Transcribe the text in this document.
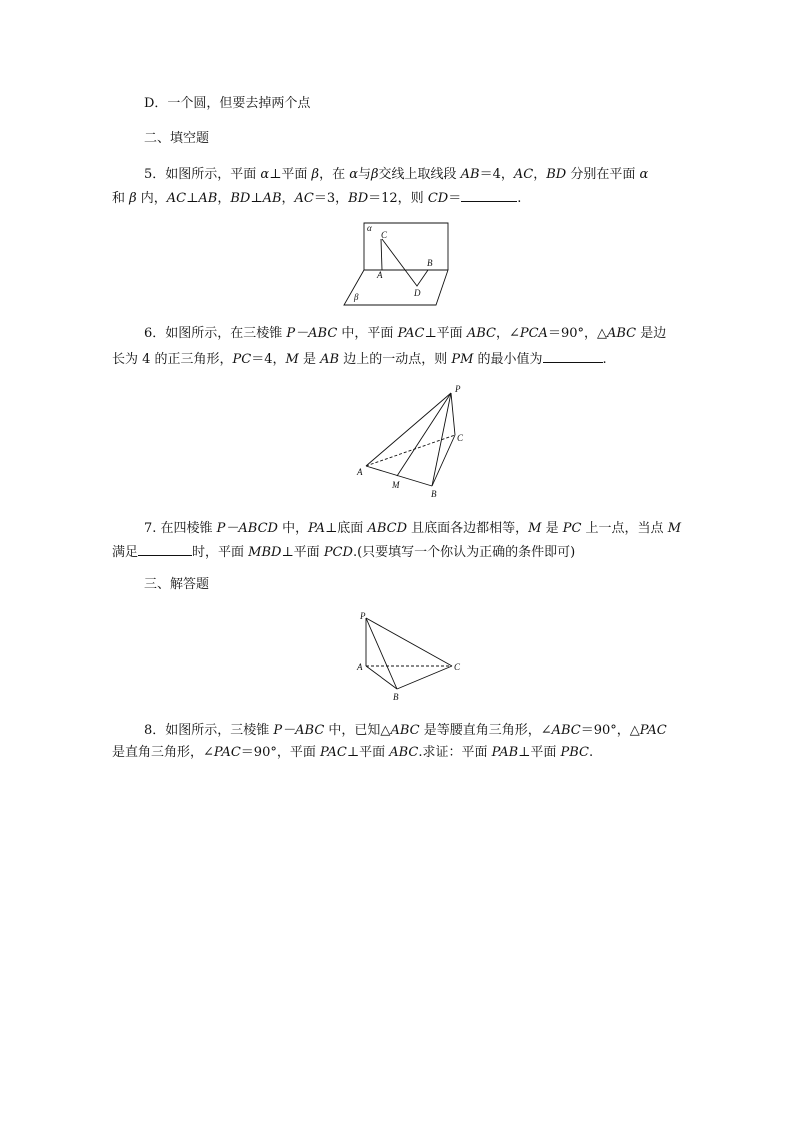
D．一个圆，但要去掉两个点
二、填空题
5．如图所示，平面 α⊥平面 β，在 α与β交线上取线段 AB＝4，AC，BD 分别在平面 α
和 β 内，AC⊥AB，BD⊥AB，AC＝3，BD＝12，则 CD＝	.
α
C
A
B
D
β
6．如图所示，在三棱锥 P－ABC 中，平面 PAC⊥平面 ABC，∠PCA＝90°，△ABC 是边
长为 4 的正三角形，PC＝4，M 是 AB 边上的一动点，则 PM 的最小值为	.
P
C
A
M
B
7. 在四棱锥 P－ABCD 中，PA⊥底面 ABCD 且底面各边都相等，M 是 PC 上一点，当点 M
满足	时，平面 MBD⊥平面 PCD.(只要填写一个你认为正确的条件即可)
三、解答题
P
A	C
B
8．如图所示，三棱锥 P－ABC 中，已知△ABC 是等腰直角三角形，∠ABC＝90°，△PAC
是直角三角形，∠PAC＝90°，平面 PAC⊥平面 ABC.求证：平面 PAB⊥平面 PBC.
